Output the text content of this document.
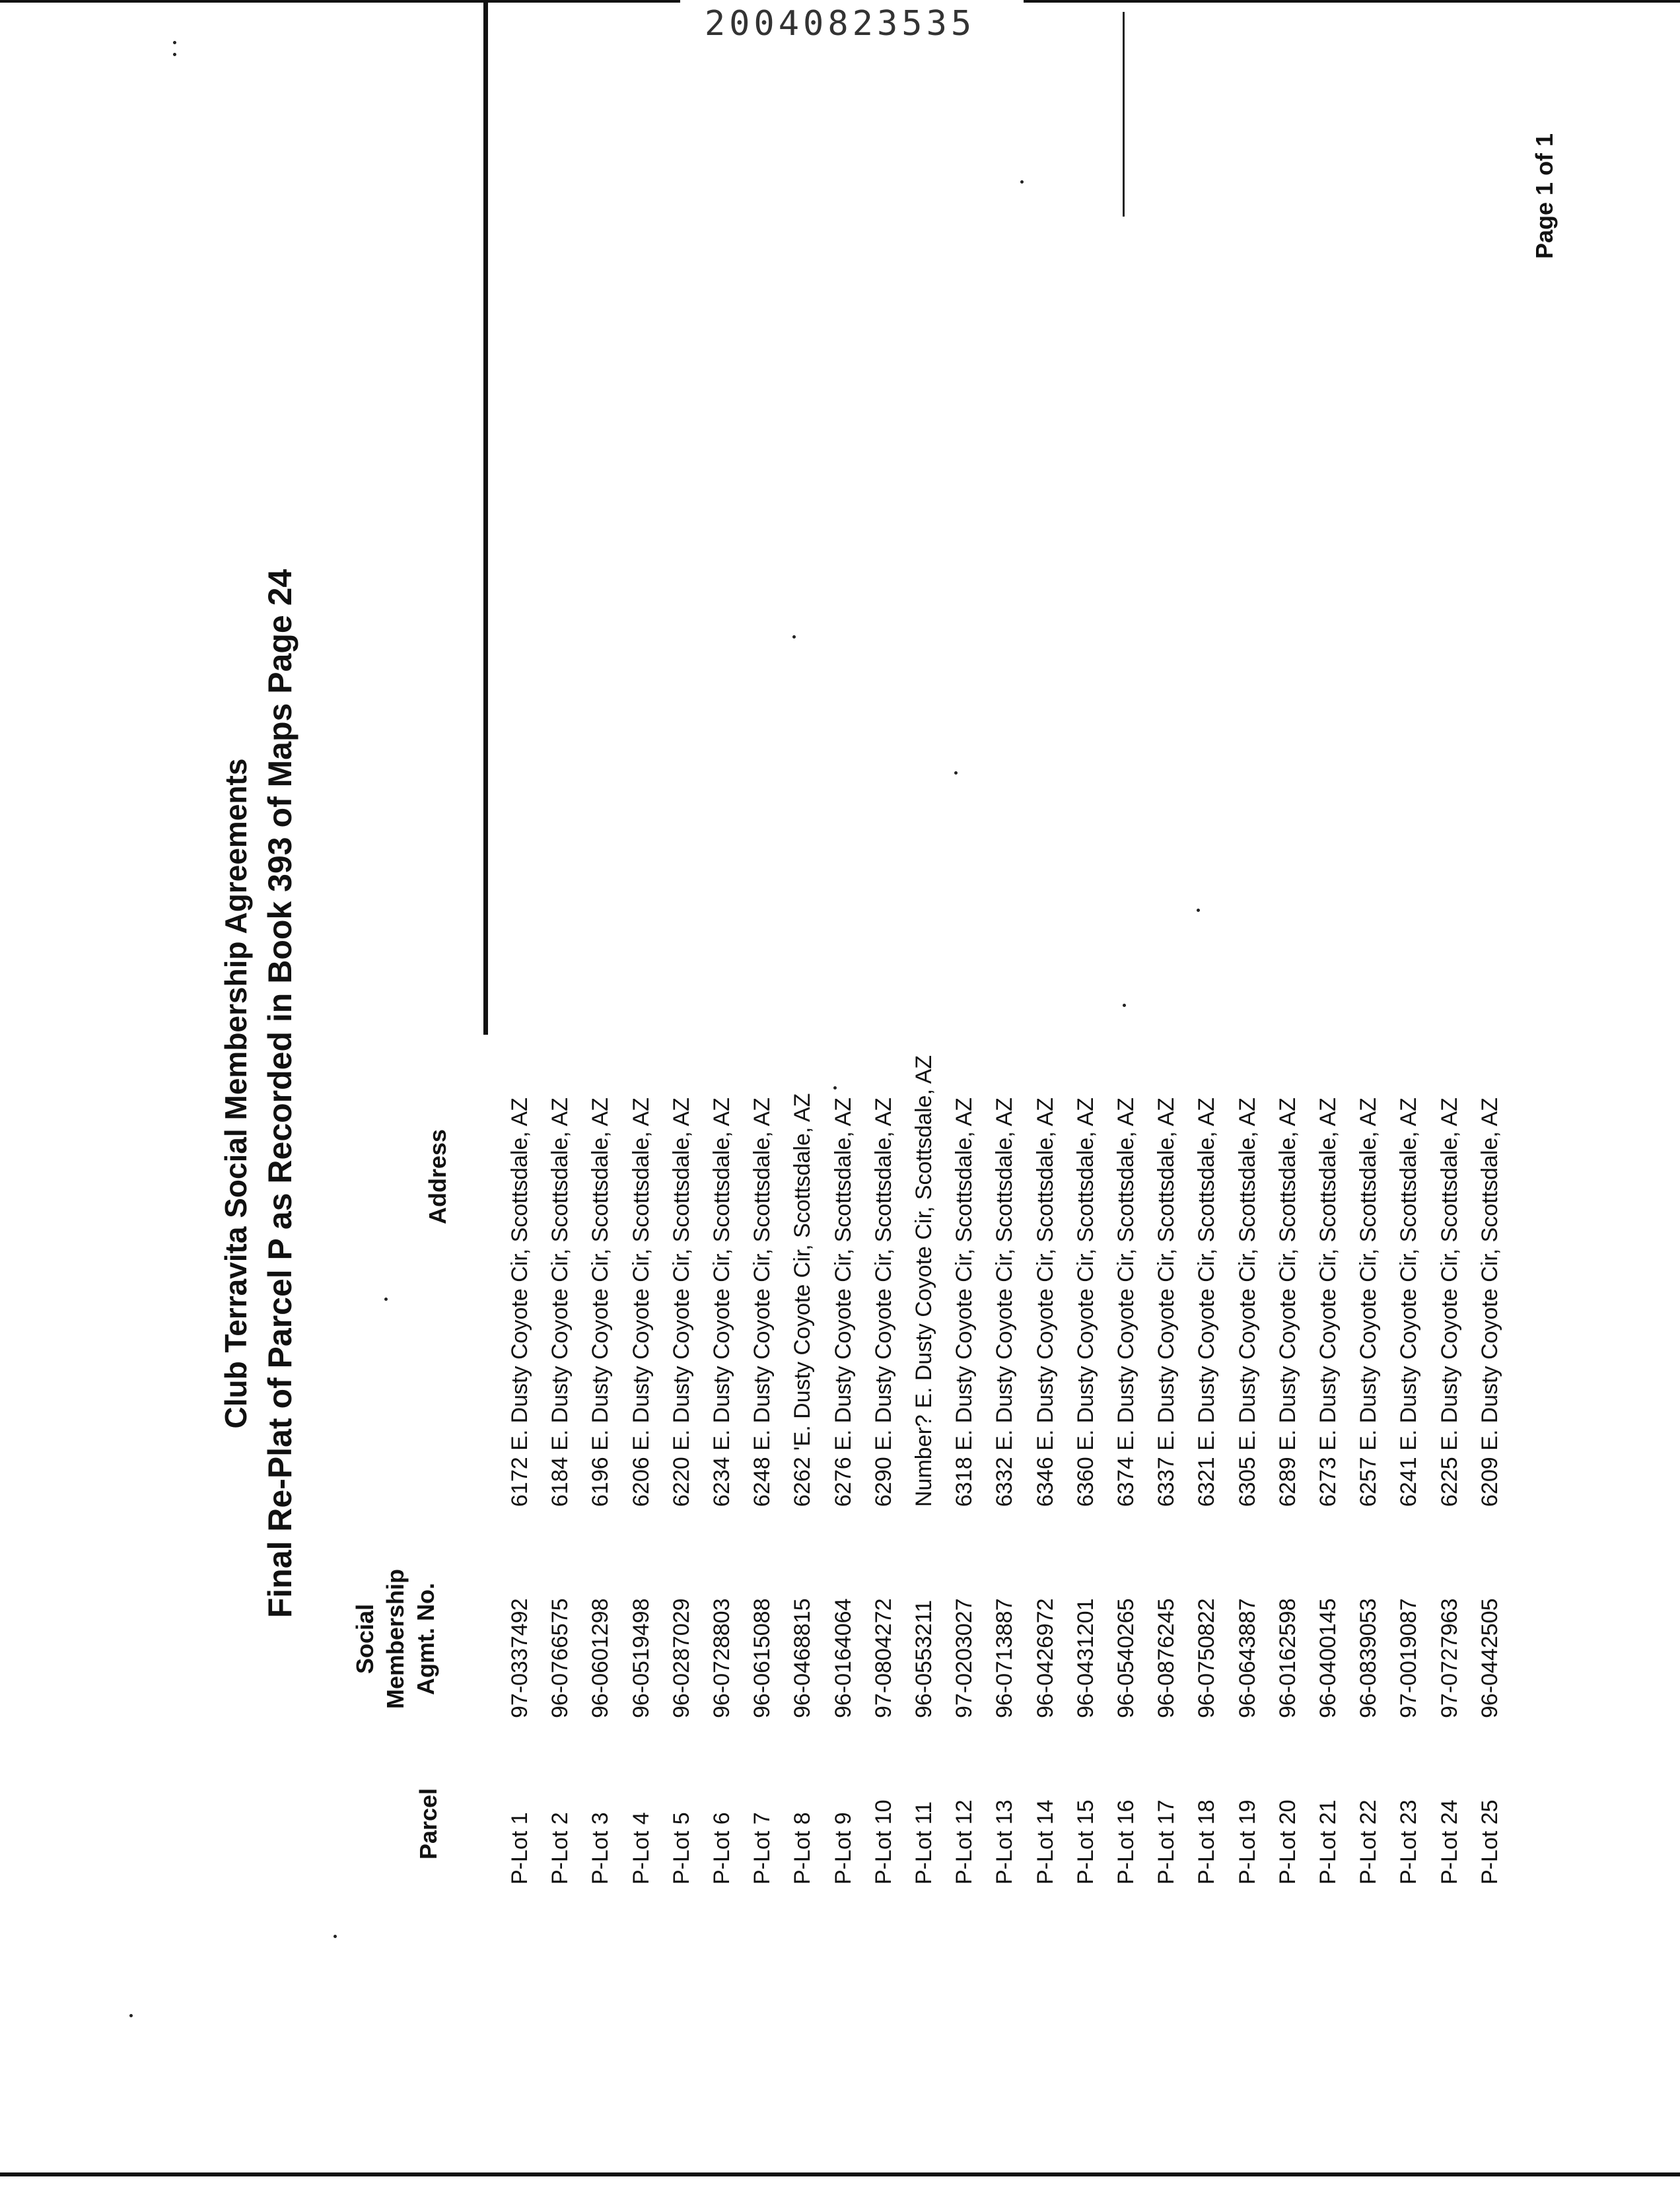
20040823535
Club Terravita Social Membership Agreements Final Re-Plat of Parcel P as Recorded in Book 393 of Maps Page 24
Page 1 of 1
Parcel
Social Membership Agmt. No.
Address
P-Lot 1
97-0337492
6172 E. Dusty Coyote Cir, Scottsdale, AZ
P-Lot 2
96-0766575
6184 E. Dusty Coyote Cir, Scottsdale, AZ
P-Lot 3
96-0601298
6196 E. Dusty Coyote Cir, Scottsdale, AZ
P-Lot 4
96-0519498
6206 E. Dusty Coyote Cir, Scottsdale, AZ
P-Lot 5
96-0287029
6220 E. Dusty Coyote Cir, Scottsdale, AZ
P-Lot 6
96-0728803
6234 E. Dusty Coyote Cir, Scottsdale, AZ
P-Lot 7
96-0615088
6248 E. Dusty Coyote Cir, Scottsdale, AZ
P-Lot 8
96-0468815
6262 'E. Dusty Coyote Cir, Scottsdale, AZ
P-Lot 9
96-0164064
6276 E. Dusty Coyote Cir, Scottsdale, AZ
P-Lot 10
97-0804272
6290 E. Dusty Coyote Cir, Scottsdale, AZ
P-Lot 11
96-0553211
Number? E. Dusty Coyote Cir, Scottsdale, AZ
P-Lot 12
97-0203027
6318 E. Dusty Coyote Cir, Scottsdale, AZ
P-Lot 13
96-0713887
6332 E. Dusty Coyote Cir, Scottsdale, AZ
P-Lot 14
96-0426972
6346 E. Dusty Coyote Cir, Scottsdale, AZ
P-Lot 15
96-0431201
6360 E. Dusty Coyote Cir, Scottsdale, AZ
P-Lot 16
96-0540265
6374 E. Dusty Coyote Cir, Scottsdale, AZ
P-Lot 17
96-0876245
6337 E. Dusty Coyote Cir, Scottsdale, AZ
P-Lot 18
96-0750822
6321 E. Dusty Coyote Cir, Scottsdale, AZ
P-Lot 19
96-0643887
6305 E. Dusty Coyote Cir, Scottsdale, AZ
P-Lot 20
96-0162598
6289 E. Dusty Coyote Cir, Scottsdale, AZ
P-Lot 21
96-0400145
6273 E. Dusty Coyote Cir, Scottsdale, AZ
P-Lot 22
96-0839053
6257 E. Dusty Coyote Cir, Scottsdale, AZ
P-Lot 23
97-0019087
6241 E. Dusty Coyote Cir, Scottsdale, AZ
P-Lot 24
97-0727963
6225 E. Dusty Coyote Cir, Scottsdale, AZ
P-Lot 25
96-0442505
6209 E. Dusty Coyote Cir, Scottsdale, AZ
